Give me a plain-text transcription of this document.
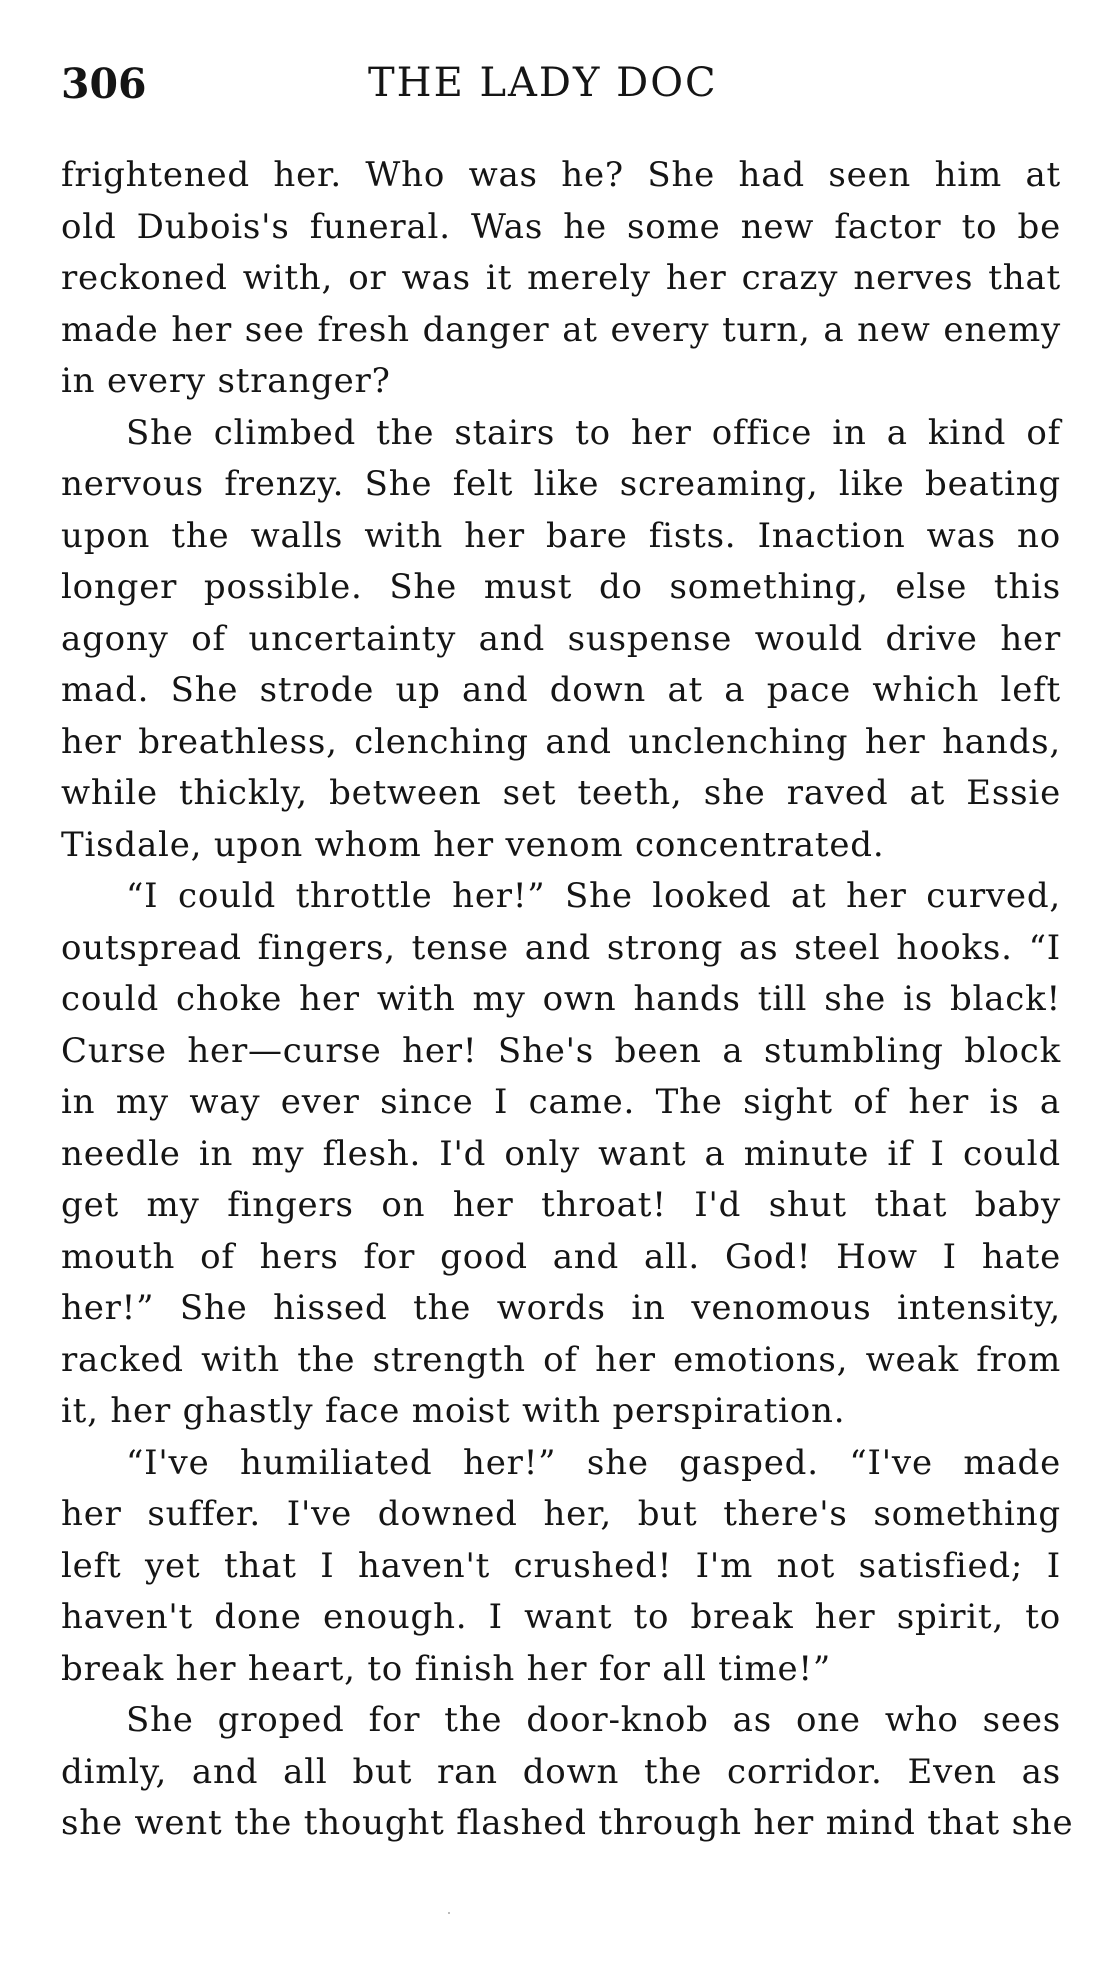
306	THE LADY DOC
frightened her. Who was he? She had seen him at
old Dubois's funeral. Was he some new factor to be
reckoned with, or was it merely her crazy nerves that
made her see fresh danger at every turn, a new enemy
in every stranger?
She climbed the stairs to her office in a kind of
nervous frenzy. She felt like screaming, like beating
upon the walls with her bare fists. Inaction was no
longer possible. She must do something, else this
agony of uncertainty and suspense would drive her
mad. She strode up and down at a pace which left
her breathless, clenching and unclenching her hands,
while thickly, between set teeth, she raved at Essie
Tisdale, upon whom her venom concentrated.
“I could throttle her!” She looked at her curved,
outspread fingers, tense and strong as steel hooks. “I
could choke her with my own hands till she is black!
Curse her—curse her! She's been a stumbling block
in my way ever since I came. The sight of her is a
needle in my flesh. I'd only want a minute if I could
get my fingers on her throat! I'd shut that baby
mouth of hers for good and all. God! How I hate
her!” She hissed the words in venomous intensity,
racked with the strength of her emotions, weak from
it, her ghastly face moist with perspiration.
“I've humiliated her!” she gasped. “I've made
her suffer. I've downed her, but there's something
left yet that I haven't crushed! I'm not satisfied; I
haven't done enough. I want to break her spirit, to
break her heart, to finish her for all time!”
She groped for the door-knob as one who sees
dimly, and all but ran down the corridor. Even as
she went the thought flashed through her mind that she
